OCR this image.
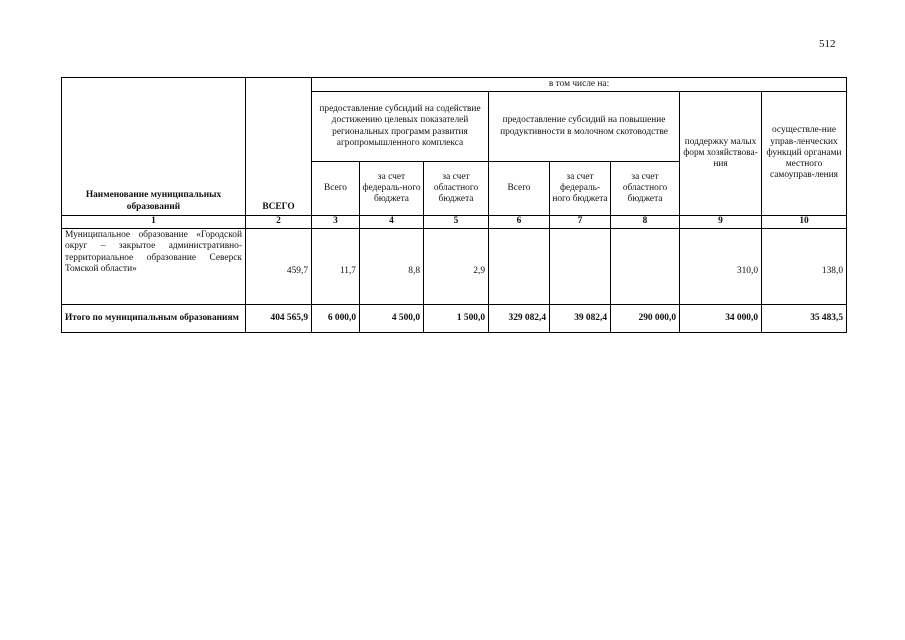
512
Наименование муниципальных образований	ВСЕГО	в том числе на:							
		предоставление субсидий на содействие достижению целевых показателей региональных программ развития агропромышленного комплекса			предоставление субсидий на повышение продуктивности в молочном скотоводстве			поддержку малых форм хозяйствова-ния	осуществле-ние управ-ленческих функций органами местного самоуправ-ления
		Всего	за счет федераль-ного бюджета	за счет областного бюджета	Всего	за счет федераль-ного бюджета	за счет областного бюджета		
1	2	3	4	5	6	7	8	9	10
Муниципальное образование «Городской округ – закрытое административно-территориальное образование Северск Томской области»	459,7	11,7	8,8	2,9				310,0	138,0
Итого по муниципальным образованиям	404 565,9	6 000,0	4 500,0	1 500,0	329 082,4	39 082,4	290 000,0	34 000,0	35 483,5
